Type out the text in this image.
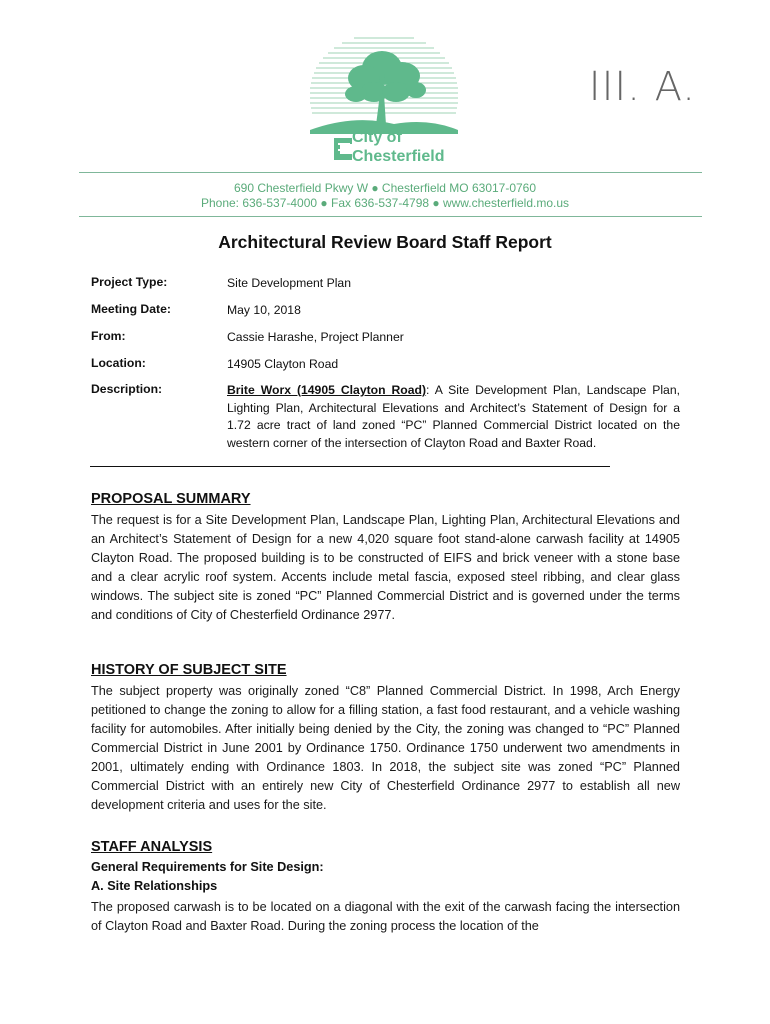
City of
Chesterfield
III. A.
690 Chesterfield Pkwy W ● Chesterfield MO 63017-0760
Phone: 636-537-4000 ● Fax 636-537-4798 ● www.chesterfield.mo.us
Architectural Review Board Staff Report
Project Type:	Site Development Plan
Meeting Date:	May 10, 2018
From:	Cassie Harashe, Project Planner
Location:	14905 Clayton Road
Description:	Brite Worx (14905 Clayton Road): A Site Development Plan, Landscape Plan, Lighting Plan, Architectural Elevations and Architect’s Statement of Design for a 1.72 acre tract of land zoned “PC” Planned Commercial District located on the western corner of the intersection of Clayton Road and Baxter Road.
PROPOSAL SUMMARY
The request is for a Site Development Plan, Landscape Plan, Lighting Plan, Architectural Elevations and an Architect’s Statement of Design for a new 4,020 square foot stand-alone carwash facility at 14905 Clayton Road. The proposed building is to be constructed of EIFS and brick veneer with a stone base and a clear acrylic roof system. Accents include metal fascia, exposed steel ribbing, and clear glass windows. The subject site is zoned “PC” Planned Commercial District and is governed under the terms and conditions of City of Chesterfield Ordinance 2977.
HISTORY OF SUBJECT SITE
The subject property was originally zoned “C8” Planned Commercial District. In 1998, Arch Energy petitioned to change the zoning to allow for a filling station, a fast food restaurant, and a vehicle washing facility for automobiles. After initially being denied by the City, the zoning was changed to “PC” Planned Commercial District in June 2001 by Ordinance 1750. Ordinance 1750 underwent two amendments in 2001, ultimately ending with Ordinance 1803. In 2018, the subject site was zoned “PC” Planned Commercial District with an entirely new City of Chesterfield Ordinance 2977 to establish all new development criteria and uses for the site.
STAFF ANALYSIS
General Requirements for Site Design:
A. Site Relationships
The proposed carwash is to be located on a diagonal with the exit of the carwash facing the intersection of Clayton Road and Baxter Road. During the zoning process the location of the
